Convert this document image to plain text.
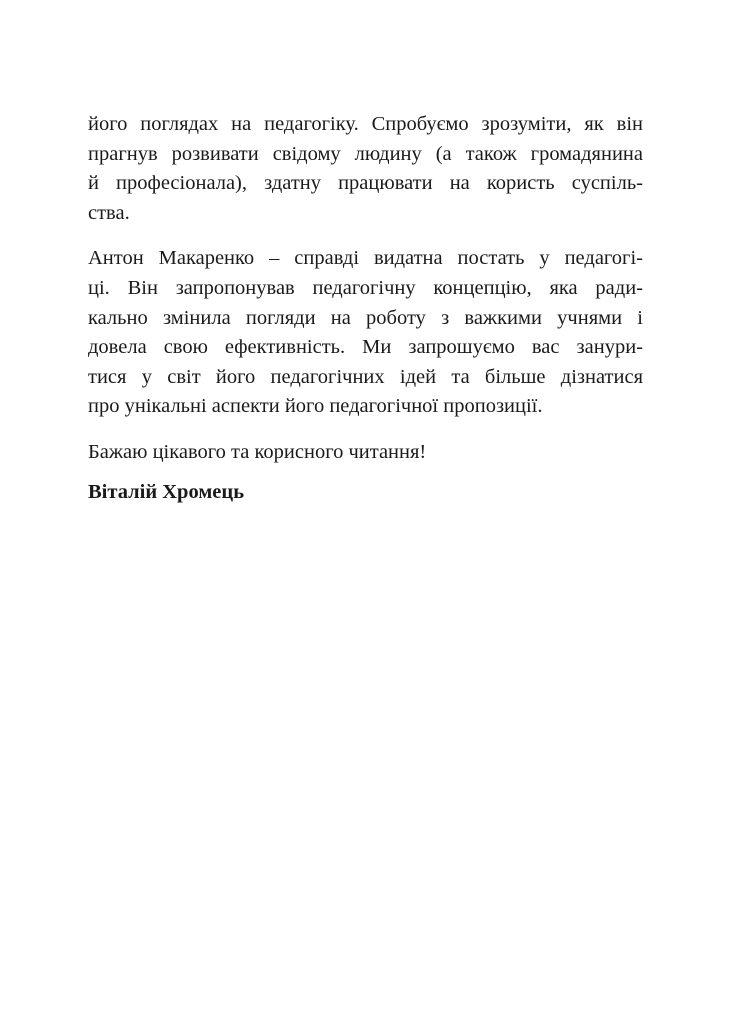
його поглядах на педагогіку. Спробуємо зрозуміти, як він
прагнув розвивати свідому людину (а також громадянина
й професіонала), здатну працювати на користь суспіль-
ства.

Антон Макаренко – справді видатна постать у педагогі-
ці. Він запропонував педагогічну концепцію, яка ради-
кально змінила погляди на роботу з важкими учнями і
довела свою ефективність. Ми запрошуємо вас занури-
тися у світ його педагогічних ідей та більше дізнатися
про унікальні аспекти його педагогічної пропозиції.

Бажаю цікавого та корисного читання!

Віталій Хромець
